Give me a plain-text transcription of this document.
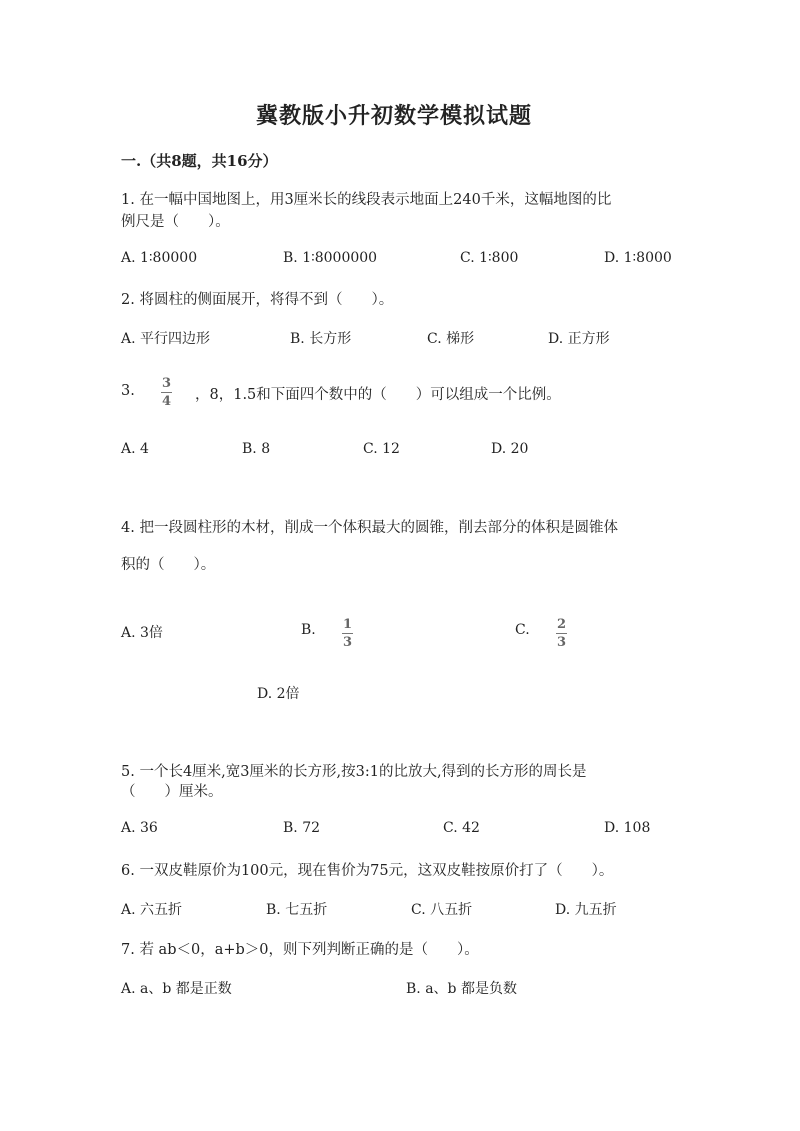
冀教版小升初数学模拟试题
一.（共8题，共16分）
1. 在一幅中国地图上，用3厘米长的线段表示地面上240千米，这幅地图的比
例尺是（　　）。
A. 1∶80000	B. 1∶8000000	C. 1∶800	D. 1∶8000
2. 将圆柱的侧面展开，将得不到（　　）。
A. 平行四边形	B. 长方形	C. 梯形	D. 正方形
3. 3
4 ，8，1.5和下面四个数中的（　　）可以组成一个比例。
A. 4	B. 8	C. 12	D. 20
4. 把一段圆柱形的木材，削成一个体积最大的圆锥，削去部分的体积是圆锥体
积的（　　）。
A. 3倍	B. 1
3
C. 2
3
D. 2倍
5. 一个长4厘米,宽3厘米的长方形,按3:1的比放大,得到的长方形的周长是
（　　）厘米。
A. 36	B. 72	C. 42	D. 108
6. 一双皮鞋原价为100元，现在售价为75元，这双皮鞋按原价打了（　　）。
A. 六五折	B. 七五折	C. 八五折	D. 九五折
7. 若 ab＜0，a+b＞0，则下列判断正确的是（　　）。
A. a、b 都是正数	B. a、b 都是负数
